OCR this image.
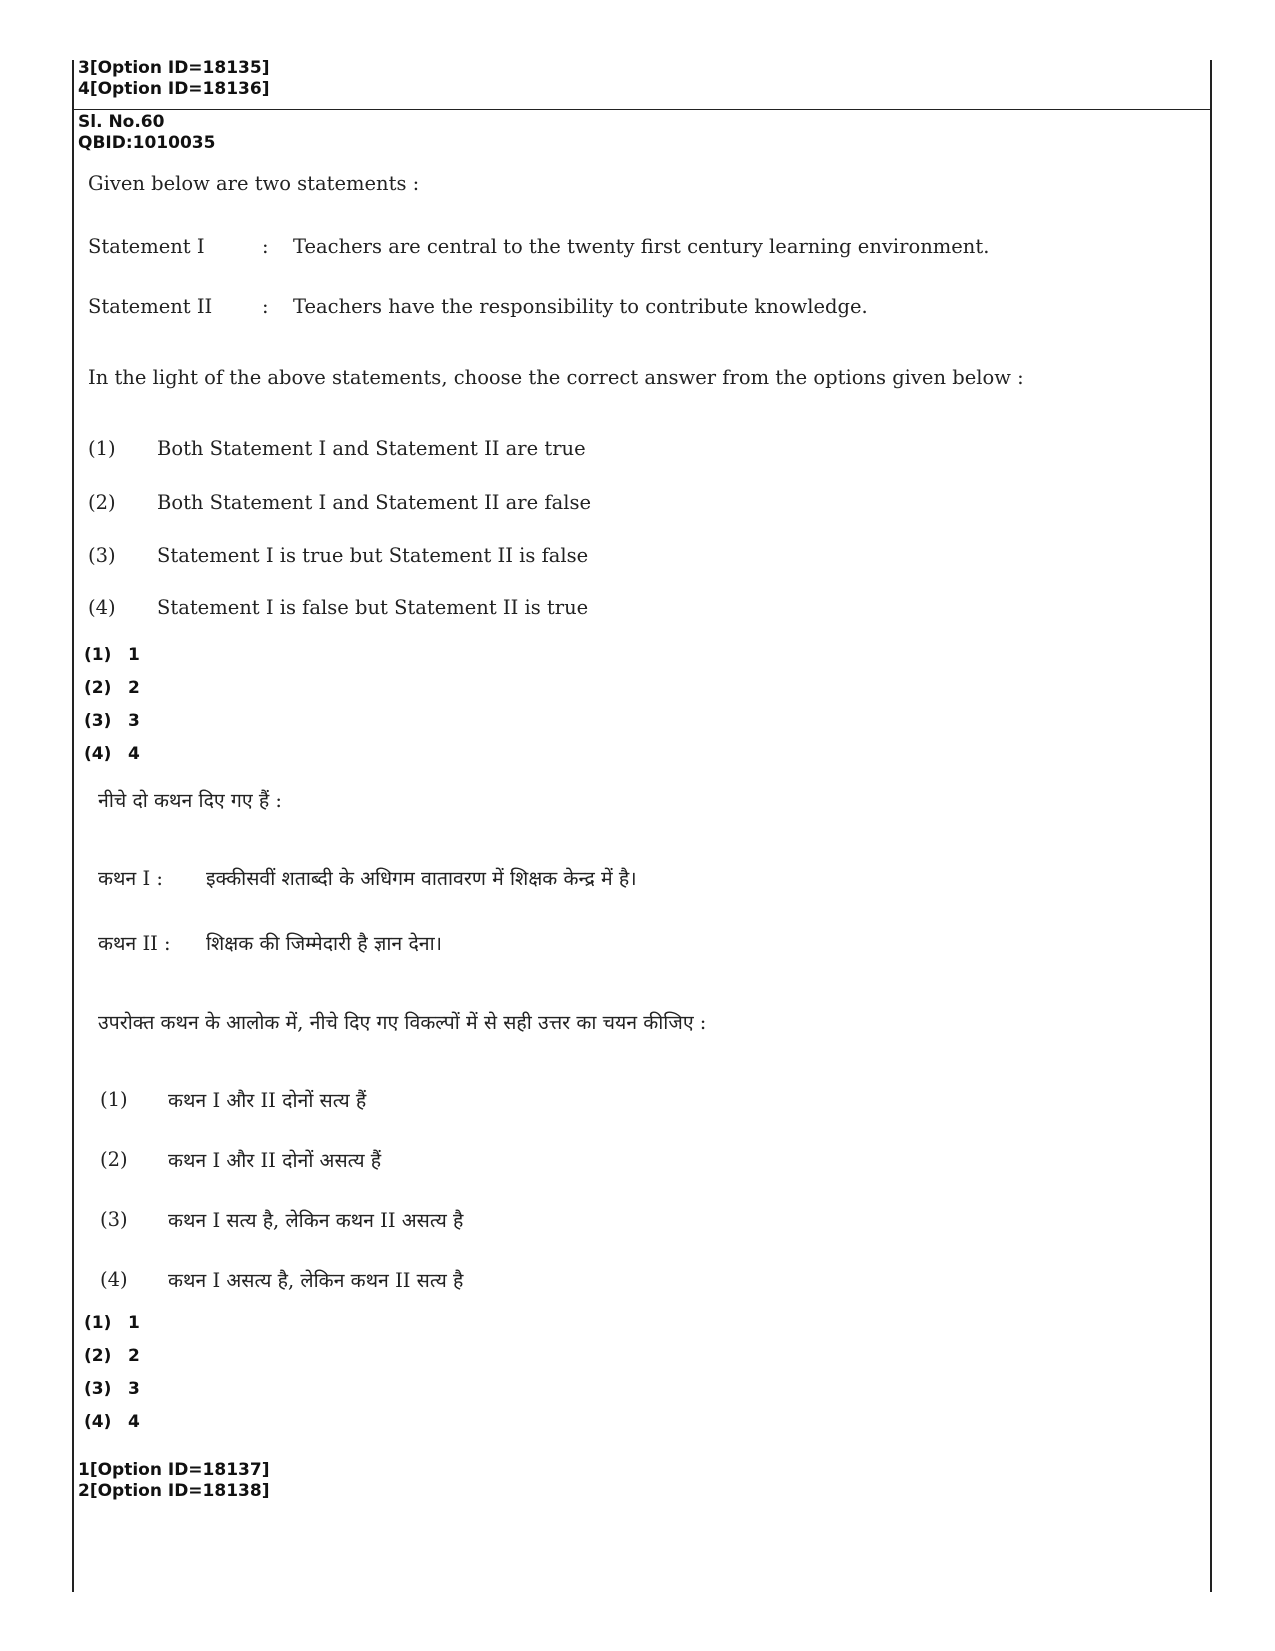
3[Option ID=18135]
4[Option ID=18136]
Sl. No.60
QBID:1010035
Given below are two statements :
Statement I	: Teachers are central to the twenty first century learning environment.
Statement II	: Teachers have the responsibility to contribute knowledge.
In the light of the above statements, choose the correct answer from the options given below :
(1) Both Statement I and Statement II are true
(2) Both Statement I and Statement II are false
(3) Statement I is true but Statement II is false
(4) Statement I is false but Statement II is true
(1) 1
(2) 2
(3) 3
(4) 4
नीचे दो कथन दिए गए हैं :
कथन I : इक्कीसवीं शताब्दी के अधिगम वातावरण में शिक्षक केन्द्र में है।
कथन II : शिक्षक की जिम्मेदारी है ज्ञान देना।
उपरोक्त कथन के आलोक में, नीचे दिए गए विकल्पों में से सही उत्तर का चयन कीजिए :
(1) कथन I और II दोनों सत्य हैं
(2) कथन I और II दोनों असत्य हैं
(3) कथन I सत्य है, लेकिन कथन II असत्य है
(4) कथन I असत्य है, लेकिन कथन II सत्य है
(1) 1
(2) 2
(3) 3
(4) 4
1[Option ID=18137]
2[Option ID=18138]
